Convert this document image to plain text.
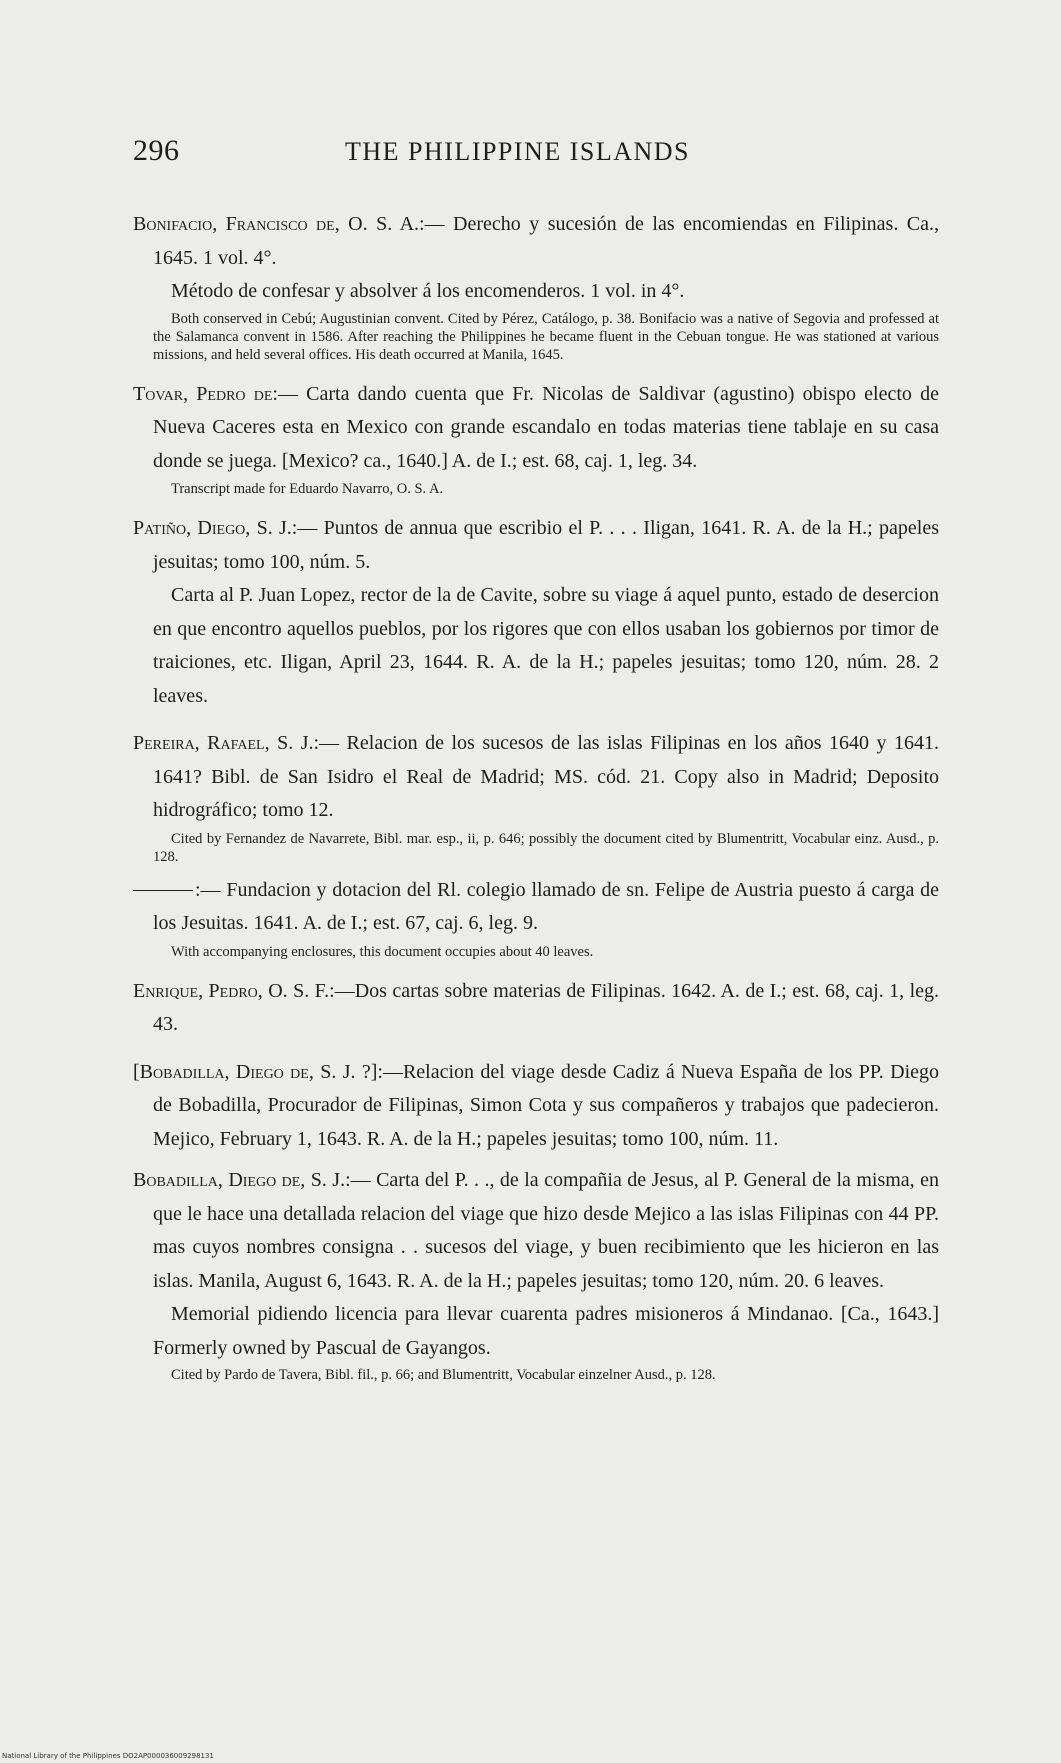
296	THE PHILIPPINE ISLANDS

Bonifacio, Francisco de, O. S. A.:— Derecho y sucesión de las encomiendas en Filipinas. Ca., 1645. 1 vol. 4°.

Método de confesar y absolver á los encomenderos. 1 vol. in 4°.

Both conserved in Cebú; Augustinian convent. Cited by Pérez, Catálogo, p. 38. Bonifacio was a native of Segovia and professed at the Salamanca convent in 1586. After reaching the Philippines he became fluent in the Cebuan tongue. He was stationed at various missions, and held several offices. His death occurred at Manila, 1645.

Tovar, Pedro de:— Carta dando cuenta que Fr. Nicolas de Saldivar (agustino) obispo electo de Nueva Caceres esta en Mexico con grande escandalo en todas materias tiene tablaje en su casa donde se juega. [Mexico? ca., 1640.] A. de I.; est. 68, caj. 1, leg. 34.

Transcript made for Eduardo Navarro, O. S. A.

Patiño, Diego, S. J.:— Puntos de annua que escribio el P. . . . Iligan, 1641. R. A. de la H.; papeles jesuitas; tomo 100, núm. 5.

Carta al P. Juan Lopez, rector de la de Cavite, sobre su viage á aquel punto, estado de desercion en que encontro aquellos pueblos, por los rigores que con ellos usaban los gobiernos por timor de traiciones, etc. Iligan, April 23, 1644. R. A. de la H.; papeles jesuitas; tomo 120, núm. 28. 2 leaves.

Pereira, Rafael, S. J.:— Relacion de los sucesos de las islas Filipinas en los años 1640 y 1641. 1641? Bibl. de San Isidro el Real de Madrid; MS. cód. 21. Copy also in Madrid; Deposito hidrográfico; tomo 12.

Cited by Fernandez de Navarrete, Bibl. mar. esp., ii, p. 646; possibly the document cited by Blumentritt, Vocabular einz. Ausd., p. 128.

:— Fundacion y dotacion del Rl. colegio llamado de sn. Felipe de Austria puesto á carga de los Jesuitas. 1641. A. de I.; est. 67, caj. 6, leg. 9.

With accompanying enclosures, this document occupies about 40 leaves.

Enrique, Pedro, O. S. F.:—Dos cartas sobre materias de Filipinas. 1642. A. de I.; est. 68, caj. 1, leg. 43.

[Bobadilla, Diego de, S. J. ?]:—Relacion del viage desde Cadiz á Nueva España de los PP. Diego de Bobadilla, Procurador de Filipinas, Simon Cota y sus compañeros y trabajos que padecieron. Mejico, February 1, 1643. R. A. de la H.; papeles jesuitas; tomo 100, núm. 11.

Bobadilla, Diego de, S. J.:— Carta del P. . ., de la compañia de Jesus, al P. General de la misma, en que le hace una detallada relacion del viage que hizo desde Mejico a las islas Filipinas con 44 PP. mas cuyos nombres consigna . . sucesos del viage, y buen recibimiento que les hicieron en las islas. Manila, August 6, 1643. R. A. de la H.; papeles jesuitas; tomo 120, núm. 20. 6 leaves.

Memorial pidiendo licencia para llevar cuarenta padres misioneros á Mindanao. [Ca., 1643.] Formerly owned by Pascual de Gayangos.

Cited by Pardo de Tavera, Bibl. fil., p. 66; and Blumentritt, Vocabular einzelner Ausd., p. 128.

National Library of the Philippines DO2AP000036009298131
